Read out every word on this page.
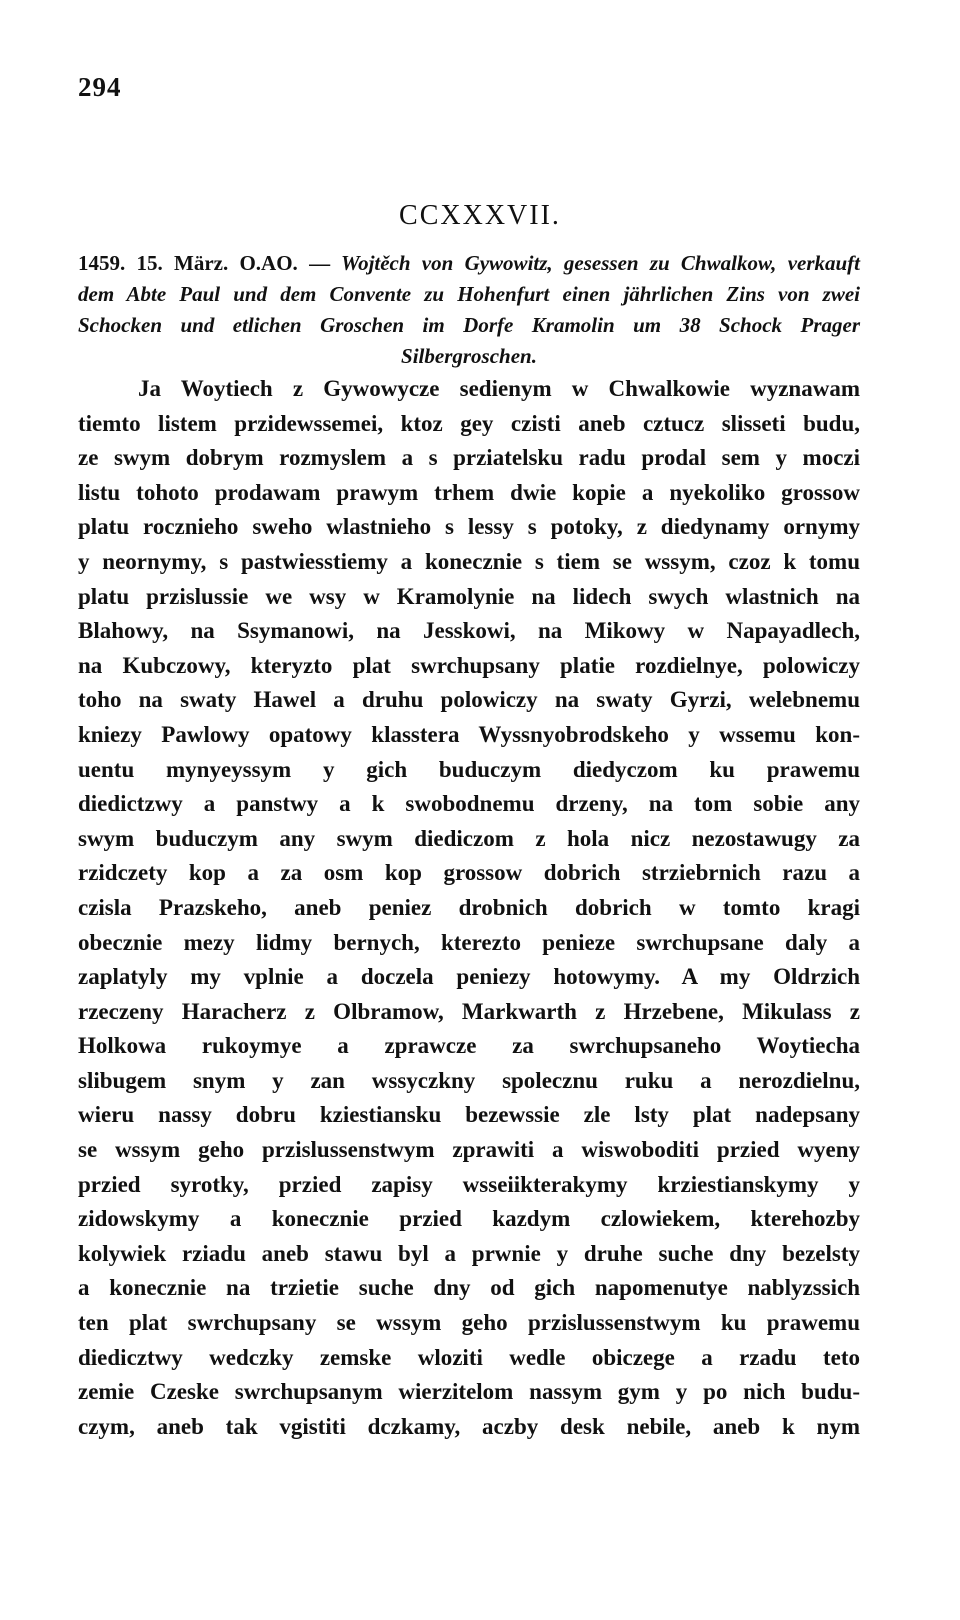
294
CCXXXVII.
1459. 15. März. O.AO. — Wojtěch von Gywowitz, gesessen zu Chwalkow, verkauft
dem Abte Paul und dem Convente zu Hohenfurt einen jährlichen Zins von zwei
Schocken und etlichen Groschen im Dorfe Kramolin um 38 Schock Prager
Silbergroschen.
Ja Woytiech z Gywowycze sedienym w Chwalkowie wyznawam
tiemto listem przidewssemei, ktoz gey czisti aneb cztucz slisseti budu,
ze swym dobrym rozmyslem a s prziatelsku radu prodal sem y moczi
listu tohoto prodawam prawym trhem dwie kopie a nyekoliko grossow
platu rocznieho sweho wlastnieho s lessy s potoky, z diedynamy ornymy
y neornymy, s pastwiesstiemy a konecznie s tiem se wssym, czoz k tomu
platu przislussie we wsy w Kramolynie na lidech swych wlastnich na
Blahowy, na Ssymanowi, na Jesskowi, na Mikowy w Napayadlech,
na Kubczowy, kteryzto plat swrchupsany platie rozdielnye, polowiczy
toho na swaty Hawel a druhu polowiczy na swaty Gyrzi, welebnemu
kniezy Pawlowy opatowy klasstera Wyssnyobrodskeho y wssemu kon-
uentu mynyeyssym y gich buduczym diedyczom ku prawemu
diedictzwy a panstwy a k swobodnemu drzeny, na tom sobie any
swym buduczym any swym diediczom z hola nicz nezostawugy za
rzidczety kop a za osm kop grossow dobrich strziebrnich razu a
czisla Prazskeho, aneb peniez drobnich dobrich w tomto kragi
obecznie mezy lidmy bernych, kterezto penieze swrchupsane daly a
zaplatyly my vplnie a doczela peniezy hotowymy. A my Oldrzich
rzeczeny Haracherz z Olbramow, Markwarth z Hrzebene, Mikulass z
Holkowa rukoymye a zprawcze za swrchupsaneho Woytiecha
slibugem snym y zan wssyczkny spolecznu ruku a nerozdielnu,
wieru nassy dobru kziestiansku bezewssie zle lsty plat nadepsany
se wssym geho przislussenstwym zprawiti a wiswoboditi przied wyeny
przied syrotky, przied zapisy wsseiikterakymy krziestianskymy y
zidowskymy a konecznie przied kazdym czlowiekem, kterehozby
kolywiek rziadu aneb stawu byl a prwnie y druhe suche dny bezelsty
a konecznie na trzietie suche dny od gich napomenutye nablyzssich
ten plat swrchupsany se wssym geho przislussenstwym ku prawemu
diedicztwy wedczky zemske wloziti wedle obiczege a rzadu teto
zemie Czeske swrchupsanym wierzitelom nassym gym y po nich budu-
czym, aneb tak vgistiti dczkamy, aczby desk nebile, aneb k nym
